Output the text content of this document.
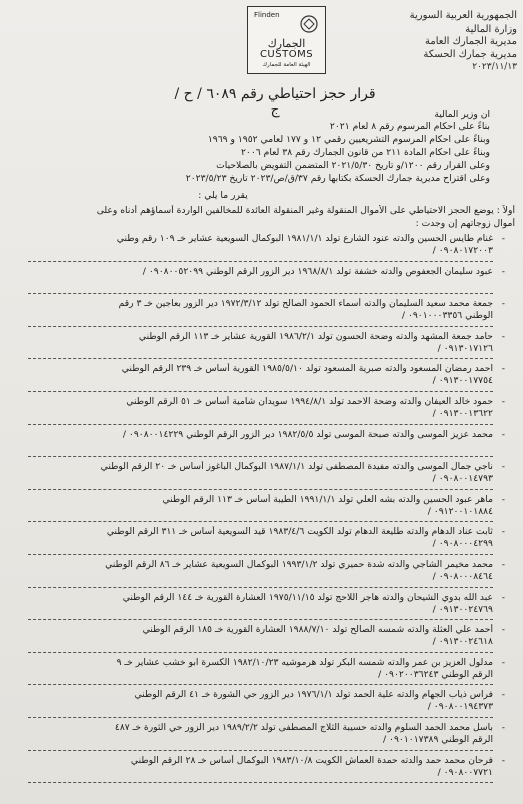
Flinden
الجمارك
CUSTOMS
الهيئة العامة للجمارك
الجمهورية العربية السورية
وزارة المالية
مديرية الجمارك العامة
مديرية جمارك الحسكة
٢٠٢٣/١١/١٣
قرار حجز احتياطي رقم ٦٠٨٩ / ح / ج	ان وزير المالية
بناءً على احكام المرسوم رقم ٨ لعام ٢٠٢١
وبناءً على احكام المرسوم التشريعيين رقمي ١٢ و ١٧٧ لعامي ١٩٥٢ و ١٩٦٩
وبناءً على احكام المادة ٢١١ من قانون الجمارك رقم ٣٨ لعام ٢٠٠٦
وعلى القرار رقم ١٢٠٠/و تاريخ ٢٠٢١/٥/٣٠ المتضمن التفويض بالصلاحيات
وعلى اقتراح مديرية جمارك الحسكة بكتابها رقم ٣٧/ق/ص/٢٠٢٣ تاريخ ٢٠٢٣/٥/٢٣
يقرر ما يلي :
أولاً : يوضع الحجز الاحتياطي على الأموال المنقولة وغير المنقولة العائدة للمخالفين الواردة أسماؤهم أدناه وعلى
أموال زوجاتهم إن وجدت :
-
غنام طايس الحسين والدته عنود الشارع تولد ١٩٨١/١/١ البوكمال السويعية عشاير خـ ١٠٩ رقم وطني
٠٩٠٨٠١٧٢٠٠٣ /
-
عبود سليمان الجعفوص والدته خشفة تولد ١٩٦٨/٨/١ دير الزور الرقم الوطني ٠٩٠٨٠٠٥٢٠٩٩ /
-
جمعة محمد سعيد السليمان والدته أسماء الحمود الصالح تولد ١٩٧٢/٣/١٢ دير الزور بعاجين خـ ٣ رقم
الوطني ٠٩٠١٠٠٠٣٣٥٦ /
-
حامد جمعة المشهد والدته وضحة الحسون تولد ١٩٨٦/٢/١ القورية عشاير خـ ١١٣ الرقم الوطني
٠٩١٣٠١٧١٢٦ /
-
احمد رمضان المسعود والدته صبرية المسعود تولد ١٩٨٥/٥/١٠ القورية أساس خـ ٢٣٩ الرقم الوطني
٠٩١٣٠٠١٧٧٥٤ /
-
حمود خالد العيفان والدته وضحة الاحمد تولد ١٩٩٤/٨/١ سويدان شامية أساس خـ ٥١ الرقم الوطني
٠٩١٣٠٠١٣٦٢٢ /
-
محمد عزيز الموسى والدته صبحة الموسى تولد ١٩٨٢/٥/٥ دير الزور الرقم الوطني ٠٩٠٨٠٠١٤٢٢٩ /
-
ناجي جمال الموسى والدته مفيدة المصطفى تولد ١٩٨٧/١/١ البوكمال الباغوز أساس خـ ٢٠ الرقم الوطني
٠٩٠٨٠٠١٤٧٩٣ /
-
ماهر عبود الحسين والدته بشه العلي تولد ١٩٩١/١/١ الطيبة أساس خـ ١١٣ الرقم الوطني
٠٩١٢٠٠١٠١٨٨٤ /
-
ثابت عناد الدهام والدته طليعة الدهام تولد الكويت ١٩٨٣/٤/٦ قيد السويعية أساس خـ ٣١١ الرقم الوطني
٠٩٠٨٠٠٠٤٢٩٩ /
-
محمد مخيمر الشاجي والدته شدة حميري تولد ١٩٩٣/١/٢ البوكمال السويعية عشاير خـ ٨٦ الرقم الوطني
٠٩٠٨٠٠٠٨٤٦٤ /
-
عبد الله بدوي الشيحان والدته هاجر اللاحج تولد ١٩٧٥/١١/١٥ العشارة القورية خـ ١٤٤ الرقم الوطني
٠٩١٣٠٠٢٤٧٦٩ /
-
أحمد علي العثلة والدته شمسه الصالح تولد ١٩٨٨/٧/١٠ العشارة القورية خـ ١٨٥ الرقم الوطني
٠٩١٣٠٠٢٤٦١٨ /
-
مدلول العزيز بن عمر والدته شمسه البكر تولد هرموشيه ١٩٨٢/١٠/٢٣ الكسرة ابو خشب عشاير خـ ٩
الرقم الوطني ٠٩٠٢٠٠٣٦٢٤٣ /
-
فراس ذياب الجهام والدته علية الحمد تولد ١٩٧٦/١/١ دير الزور حي الشورة خـ ٤١ الرقم الوطني
٠٩٠٨٠٠١٩٤٣٧٣ /
-
باسل محمد الحمد السلوم والدته حسيبة الثلاج المصطفى تولد ١٩٨٩/٢/٢ دير الزور حي الثورة خـ ٤٨٧
الرقم الوطني ٠٩٠١٠١٧٣٨٩ /
-
فرحان محمد حمد والدته حمدة العماش الكويت ١٩٨٣/١٠/٨ البوكمال أساس خـ ٢٨ الرقم الوطني
٠٩٠٨٠٠٧٧٢١ /
